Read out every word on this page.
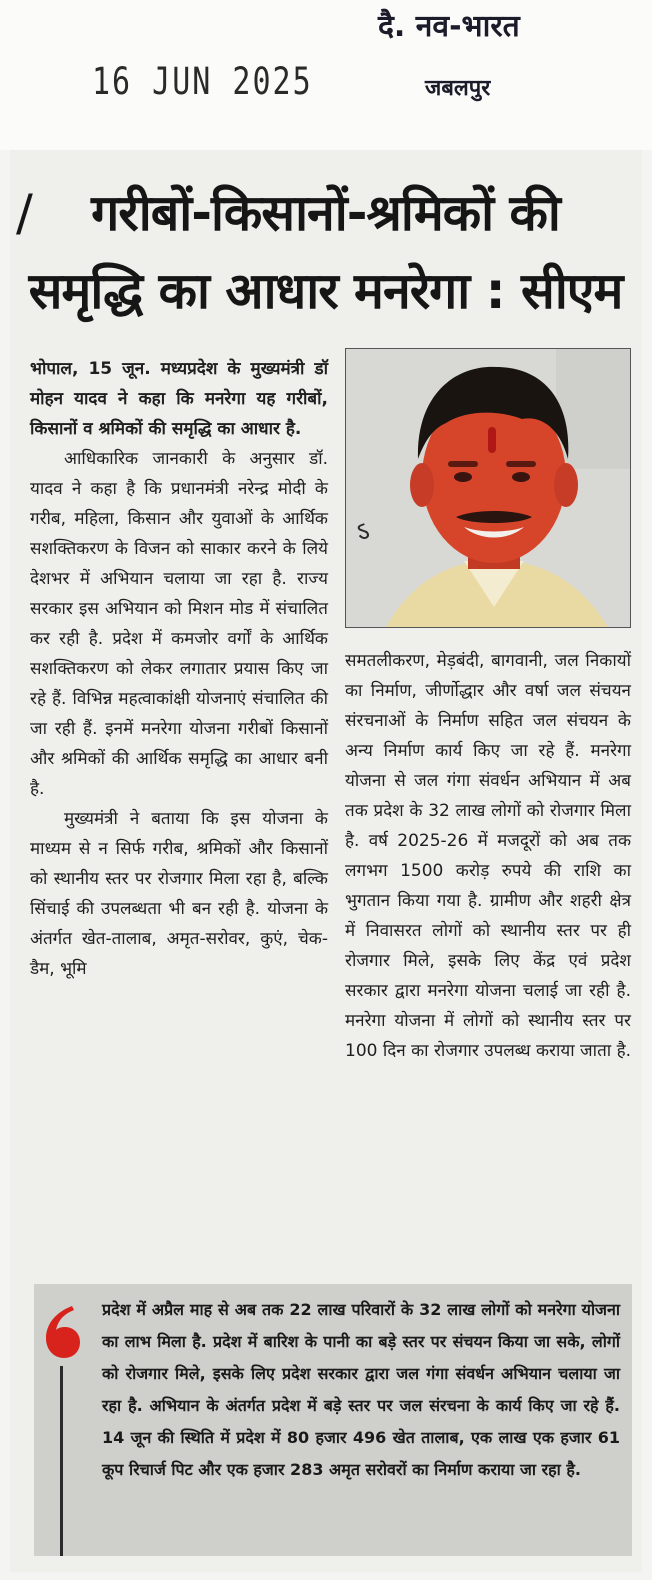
16 JUN 2025
दै. नव-भारत
जबलपुर
/	गरीबों-किसानों-श्रमिकों की
समृद्धि का आधार मनरेगा : सीएम

भोपाल, 15 जून. मध्यप्रदेश के मुख्यमंत्री डॉ मोहन यादव ने कहा कि मनरेगा यह गरीबों, किसानों व श्रमिकों की समृद्धि का आधार है.

आधिकारिक जानकारी के अनुसार डॉ. यादव ने कहा है कि प्रधानमंत्री नरेन्द्र मोदी के गरीब, महिला, किसान और युवाओं के आर्थिक सशक्तिकरण के विजन को साकार करने के लिये देशभर में अभियान चलाया जा रहा है. राज्य सरकार इस अभियान को मिशन मोड में संचालित कर रही है. प्रदेश में कमजोर वर्गों के आर्थिक सशक्तिकरण को लेकर लगातार प्रयास किए जा रहे हैं. विभिन्न महत्वाकांक्षी योजनाएं संचालित की जा रही हैं. इनमें मनरेगा योजना गरीबों किसानों और श्रमिकों की आर्थिक समृद्धि का आधार बनी है.

मुख्यमंत्री ने बताया कि इस योजना के माध्यम से न सिर्फ गरीब, श्रमिकों और किसानों को स्थानीय स्तर पर रोजगार मिला रहा है, बल्कि सिंचाई की उपलब्धता भी बन रही है. योजना के अंतर्गत खेत-तालाब, अमृत-सरोवर, कुएं, चेक-डैम, भूमि

ऽ

समतलीकरण, मेड़बंदी, बागवानी, जल निकायों का निर्माण, जीर्णोद्धार और वर्षा जल संचयन संरचनाओं के निर्माण सहित जल संचयन के अन्य निर्माण कार्य किए जा रहे हैं. मनरेगा योजना से जल गंगा संवर्धन अभियान में अब तक प्रदेश के 32 लाख लोगों को रोजगार मिला है. वर्ष 2025-26 में मजदूरों को अब तक लगभग 1500 करोड़ रुपये की राशि का भुगतान किया गया है. ग्रामीण और शहरी क्षेत्र में निवासरत लोगों को स्थानीय स्तर पर ही रोजगार मिले, इसके लिए केंद्र एवं प्रदेश सरकार द्वारा मनरेगा योजना चलाई जा रही है. मनरेगा योजना में लोगों को स्थानीय स्तर पर 100 दिन का रोजगार उपलब्ध कराया जाता है.

प्रदेश में अप्रैल माह से अब तक 22 लाख परिवारों के 32 लाख लोगों को मनरेगा योजना का लाभ मिला है. प्रदेश में बारिश के पानी का बड़े स्तर पर संचयन किया जा सके, लोगों को रोजगार मिले, इसके लिए प्रदेश सरकार द्वारा जल गंगा संवर्धन अभियान चलाया जा रहा है. अभियान के अंतर्गत प्रदेश में बड़े स्तर पर जल संरचना के कार्य किए जा रहे हैं. 14 जून की स्थिति में प्रदेश में 80 हजार 496 खेत तालाब, एक लाख एक हजार 61 कूप रिचार्ज पिट और एक हजार 283 अमृत सरोवरों का निर्माण कराया जा रहा है.
